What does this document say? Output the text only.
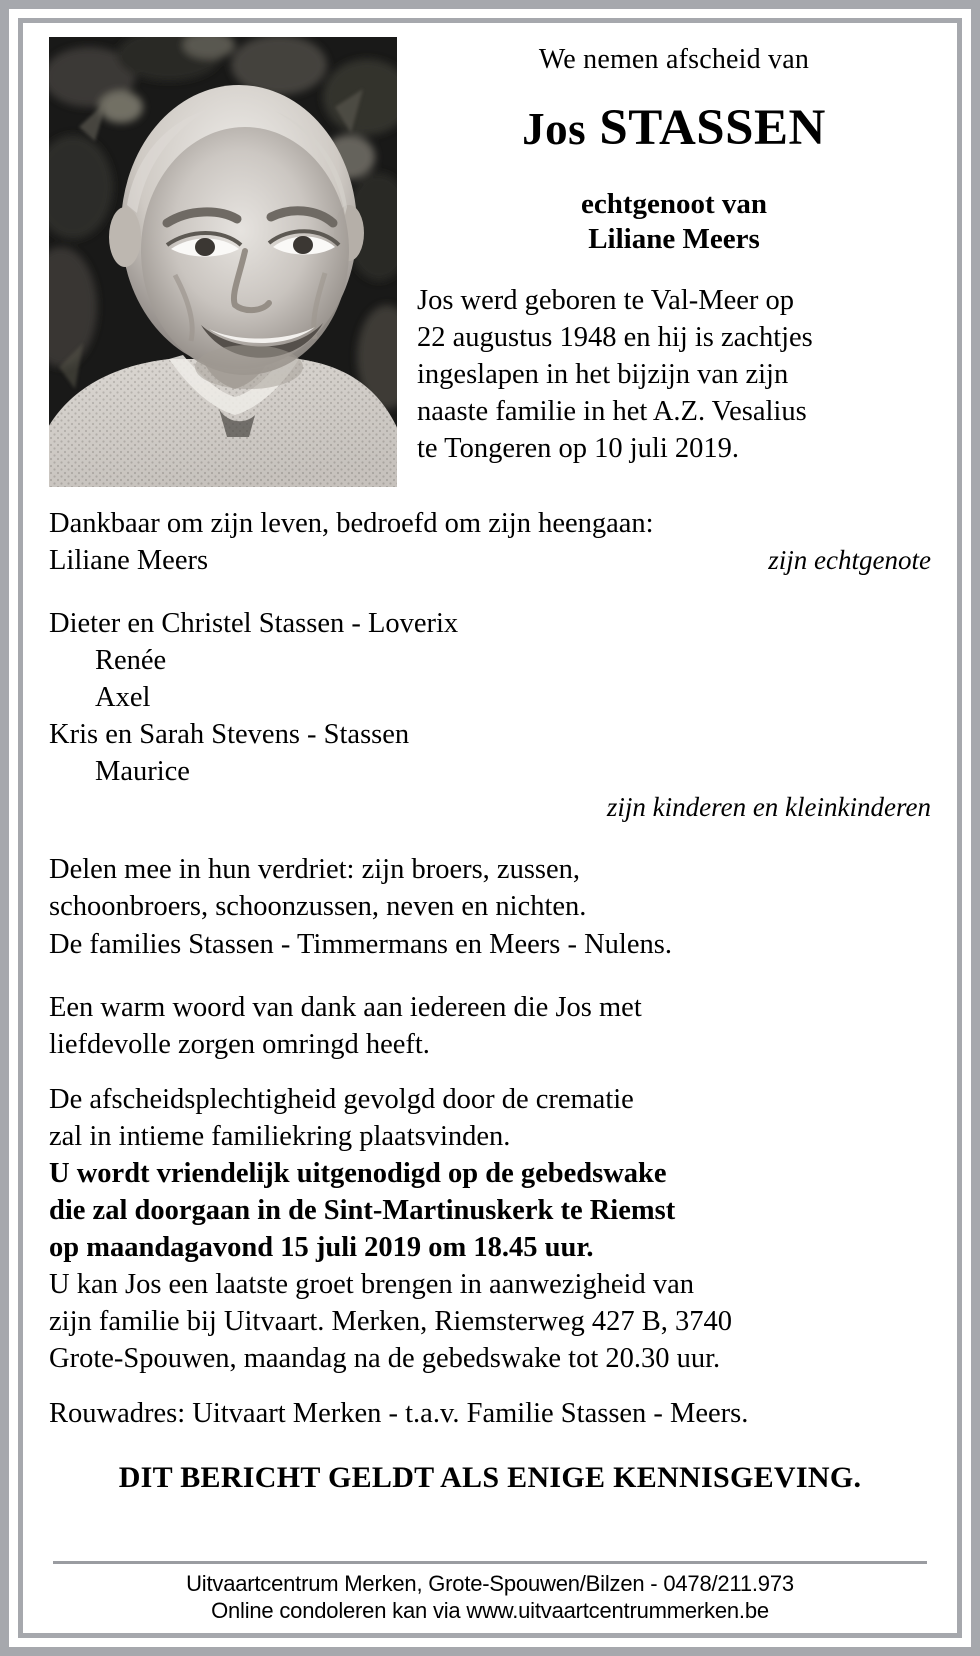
We nemen afscheid van
Jos STASSEN
echtgenoot van
Liliane Meers
Jos werd geboren te Val-Meer op
22 augustus 1948 en hij is zachtjes
ingeslapen in het bijzijn van zijn
naaste familie in het A.Z. Vesalius
te Tongeren op 10 juli 2019.
Dankbaar om zijn leven, bedroefd om zijn heengaan:
Liliane Meers	zijn echtgenote
Dieter en Christel Stassen - Loverix
Renée
Axel
Kris en Sarah Stevens - Stassen
Maurice
zijn kinderen en kleinkinderen
Delen mee in hun verdriet: zijn broers, zussen,
schoonbroers, schoonzussen, neven en nichten.
De families Stassen - Timmermans en Meers - Nulens.
Een warm woord van dank aan iedereen die Jos met
liefdevolle zorgen omringd heeft.
De afscheidsplechtigheid gevolgd door de crematie
zal in intieme familiekring plaatsvinden.
U wordt vriendelijk uitgenodigd op de gebedswake
die zal doorgaan in de Sint-Martinuskerk te Riemst
op maandagavond 15 juli 2019 om 18.45 uur.
U kan Jos een laatste groet brengen in aanwezigheid van
zijn familie bij Uitvaart. Merken, Riemsterweg 427 B, 3740
Grote-Spouwen, maandag na de gebedswake tot 20.30 uur.
Rouwadres: Uitvaart Merken - t.a.v. Familie Stassen - Meers.
DIT BERICHT GELDT ALS ENIGE KENNISGEVING.
Uitvaartcentrum Merken, Grote-Spouwen/Bilzen - 0478/211.973
Online condoleren kan via www.uitvaartcentrummerken.be
